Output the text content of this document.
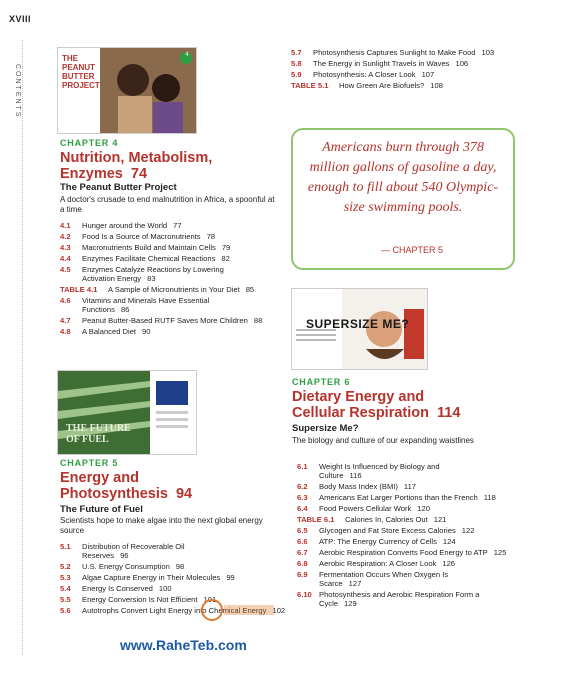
XVIII
CONTENTS
THE PEANUT BUTTER PROJECT
4
CHAPTER 4
Nutrition, Metabolism,
Enzymes 74
The Peanut Butter Project
A doctor's crusade to end malnutrition in Africa, a spoonful at a time
4.1	Hunger around the World 77
4.2	Food Is a Source of Macronutrients 78
4.3	Macronutrients Build and Maintain Cells 79
4.4	Enzymes Facilitate Chemical Reactions 82
4.5	Enzymes Catalyze Reactions by Lowering Activation Energy 83
TABLE 4.1	A Sample of Micronutrients in Your Diet 85
4.6	Vitamins and Minerals Have Essential Functions 86
4.7	Peanut Butter-Based RUTF Saves More Children 88
4.8	A Balanced Diet 90
THE FUTURE OF FUEL
CHAPTER 5
Energy and
Photosynthesis 94
The Future of Fuel
Scientists hope to make algae into the next global energy source
5.1	Distribution of Recoverable Oil Reserves 96
5.2	U.S. Energy Consumption 98
5.3	Algae Capture Energy in Their Molecules 99
5.4	Energy Is Conserved 100
5.5	Energy Conversion Is Not Efficient 101
5.6	Autotrophs Convert Light Energy into Chemical Energy 102
www.RaheTeb.com
5.7	Photosynthesis Captures Sunlight to Make Food 103
5.8	The Energy in Sunlight Travels in Waves 106
5.9	Photosynthesis: A Closer Look 107
TABLE 5.1	How Green Are Biofuels? 108
Americans burn through 378 million gallons of gasoline a day, enough to fill about 540 Olympic-size swimming pools.
— CHAPTER 5
SUPERSIZE ME?
CHAPTER 6
Dietary Energy and
Cellular Respiration 114
Supersize Me?
The biology and culture of our expanding waistlines
6.1	Weight Is Influenced by Biology and Culture 116
6.2	Body Mass Index (BMI) 117
6.3	Americans Eat Larger Portions than the French 118
6.4	Food Powers Cellular Work 120
TABLE 6.1	Calories In, Calories Out 121
6.5	Glycogen and Fat Store Excess Calories 122
6.6	ATP: The Energy Currency of Cells 124
6.7	Aerobic Respiration Converts Food Energy to ATP 125
6.8	Aerobic Respiration: A Closer Look 126
6.9	Fermentation Occurs When Oxygen Is Scarce 127
6.10 Photosynthesis and Aerobic Respiration Form a Cycle 129
